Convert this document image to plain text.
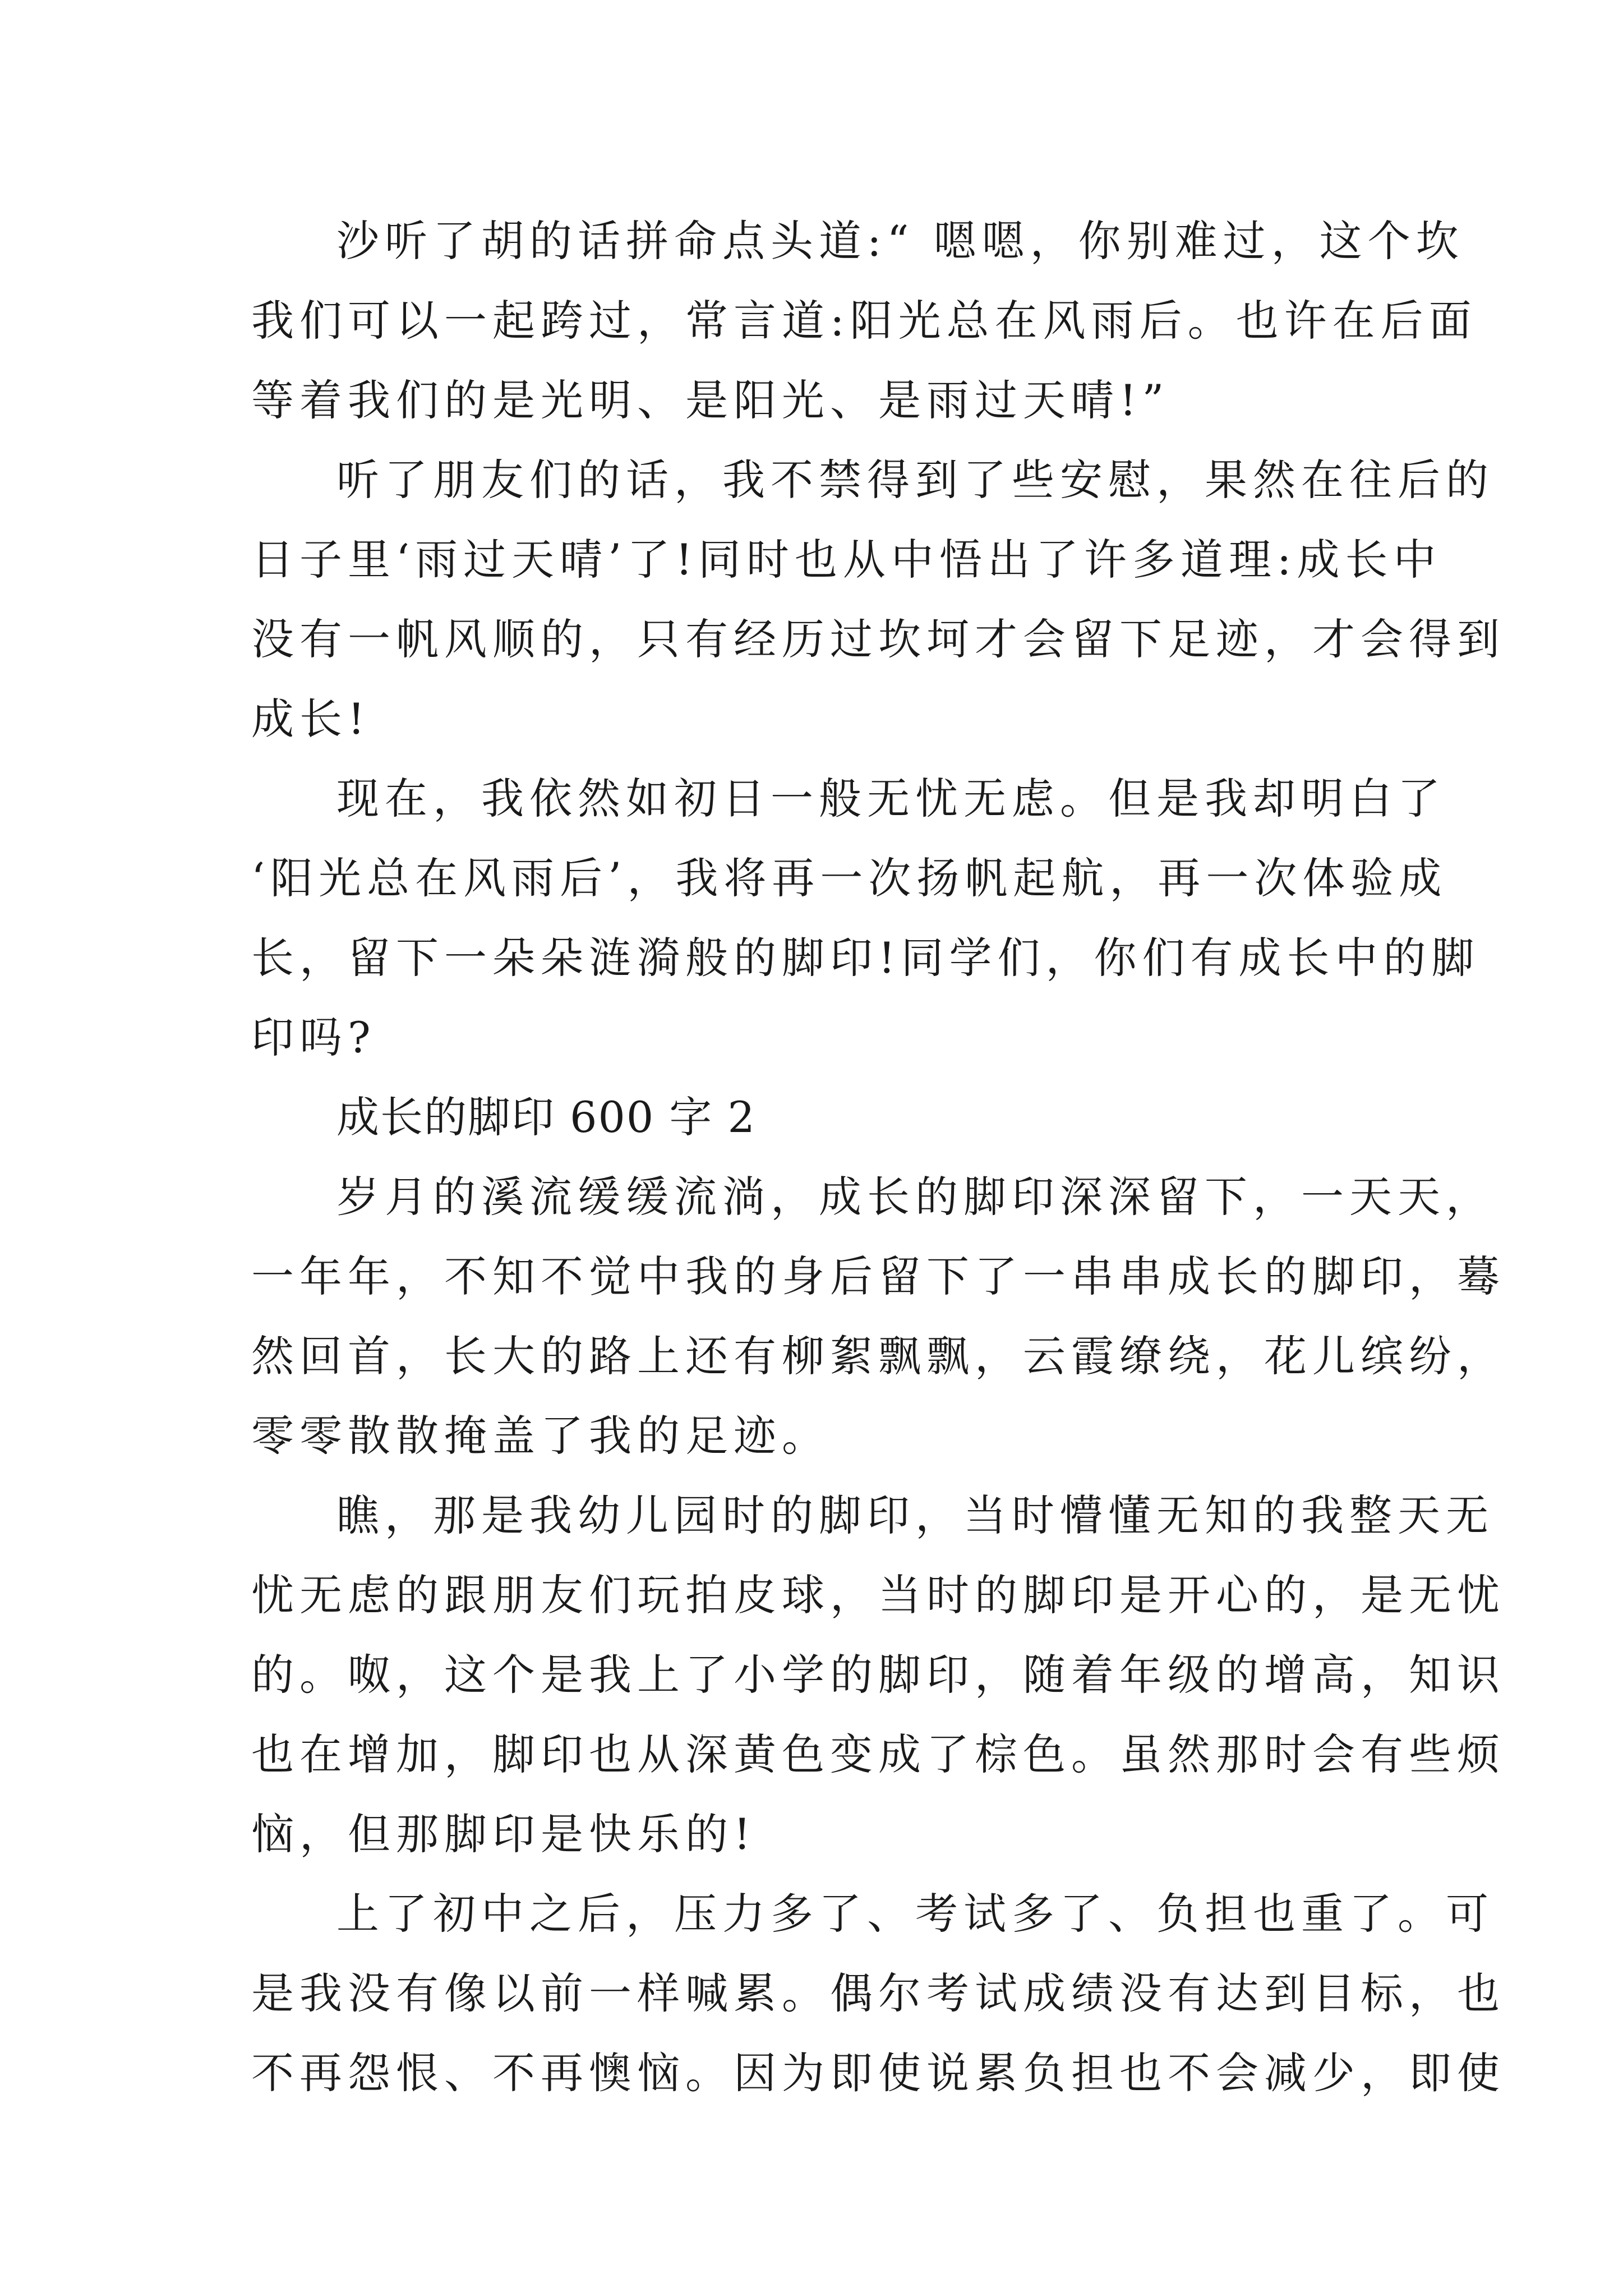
沙听了胡的话拼命点头道:“ 嗯嗯，你别难过，这个坎
我们可以一起跨过，常言道:阳光总在风雨后。也许在后面
等着我们的是光明、是阳光、是雨过天晴!”
听了朋友们的话，我不禁得到了些安慰，果然在往后的
日子里‘雨过天晴’了!同时也从中悟出了许多道理:成长中
没有一帆风顺的，只有经历过坎坷才会留下足迹，才会得到
成长!
现在，我依然如初日一般无忧无虑。但是我却明白了
‘阳光总在风雨后’，我将再一次扬帆起航，再一次体验成
长，留下一朵朵涟漪般的脚印!同学们，你们有成长中的脚
印吗?
成长的脚印 600 字 2
岁月的溪流缓缓流淌，成长的脚印深深留下，一天天，
一年年，不知不觉中我的身后留下了一串串成长的脚印，蓦
然回首，长大的路上还有柳絮飘飘，云霞缭绕，花儿缤纷，
零零散散掩盖了我的足迹。
瞧，那是我幼儿园时的脚印，当时懵懂无知的我整天无
忧无虑的跟朋友们玩拍皮球，当时的脚印是开心的，是无忧
的。呶，这个是我上了小学的脚印，随着年级的增高，知识
也在增加，脚印也从深黄色变成了棕色。虽然那时会有些烦
恼，但那脚印是快乐的!
上了初中之后，压力多了、考试多了、负担也重了。可
是我没有像以前一样喊累。偶尔考试成绩没有达到目标，也
不再怨恨、不再懊恼。因为即使说累负担也不会减少，即使
